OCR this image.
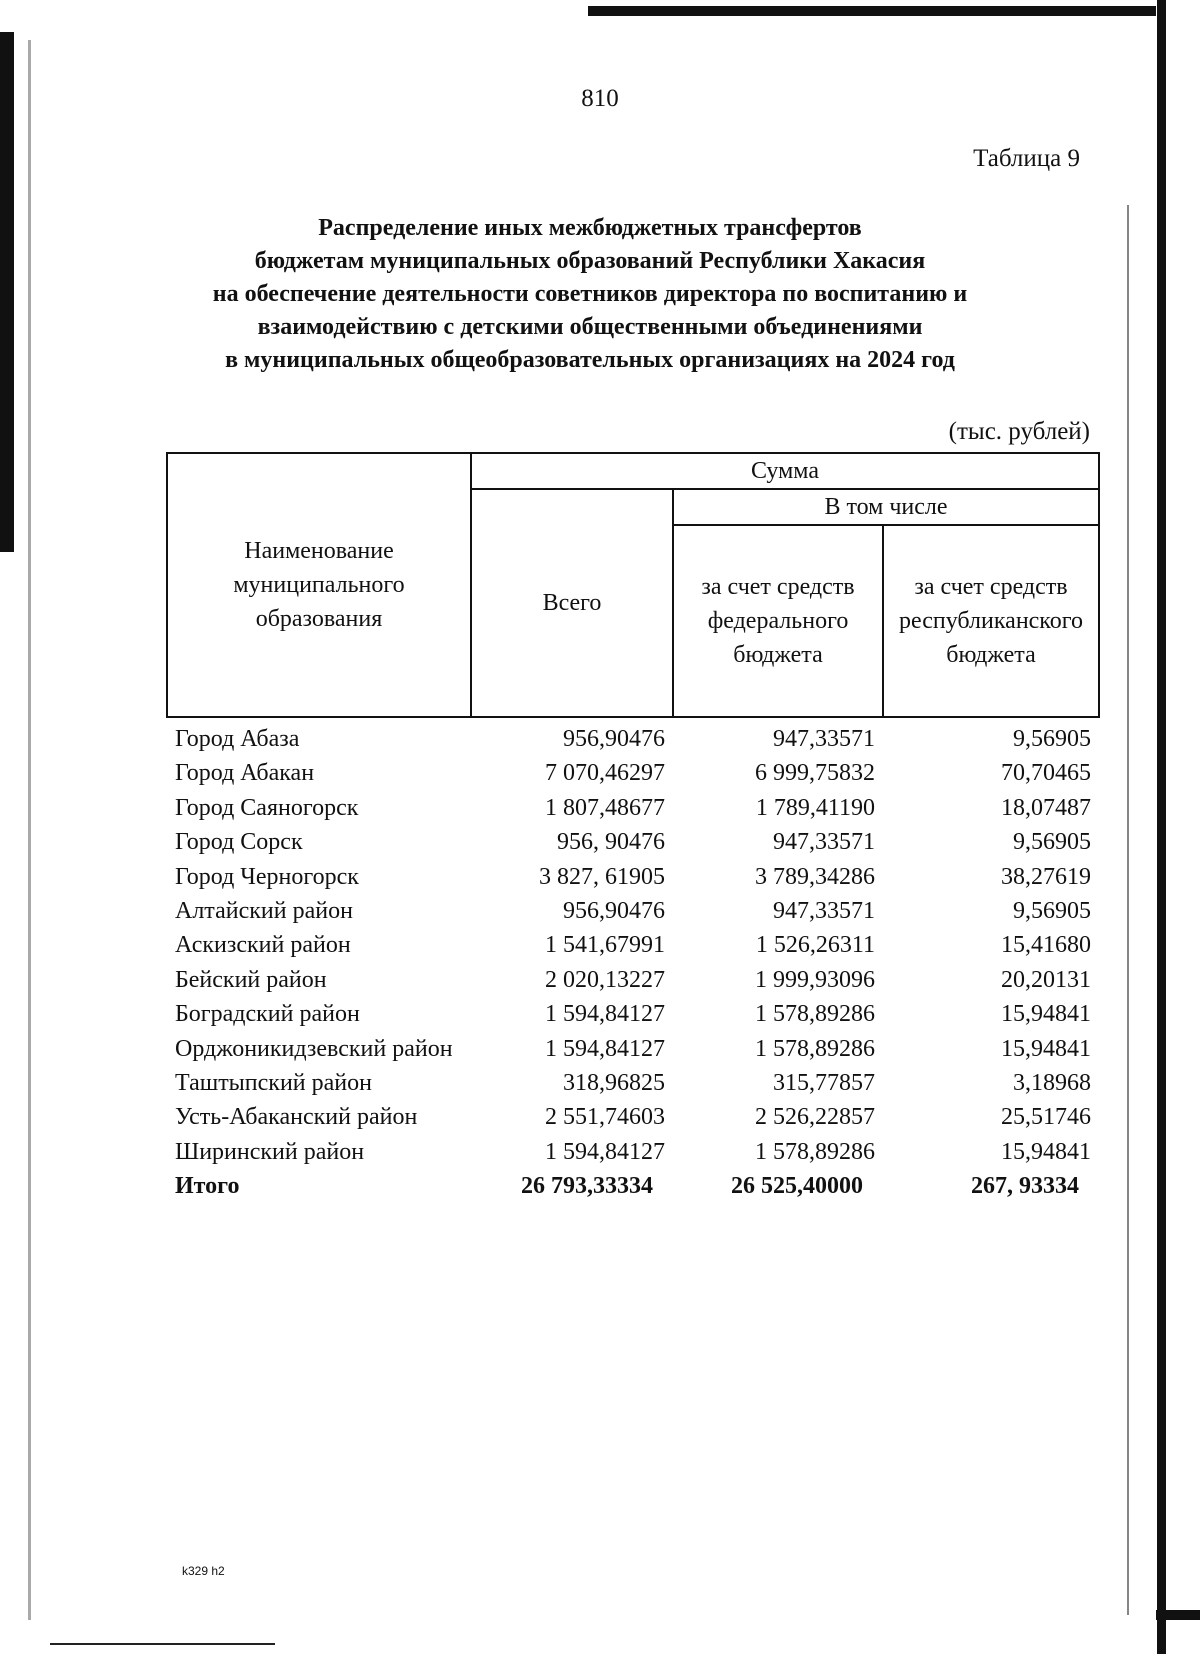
810
Таблица 9
Распределение иных межбюджетных трансфертов
бюджетам муниципальных образований Республики Хакасия
на обеспечение деятельности советников директора по воспитанию и
взаимодействию с детскими общественными объединениями
в муниципальных общеобразовательных организациях на 2024 год
(тыс. рублей)
Наименование муниципального образования	Сумма		
	Всего	В том числе	
		за счет средств федерального бюджета	за счет средств республиканского бюджета
Город Абаза	956,90476	947,33571	9,56905
Город Абакан	7 070,46297	6 999,75832	70,70465
Город Саяногорск	1 807,48677	1 789,41190	18,07487
Город Сорск	956, 90476	947,33571	9,56905
Город Черногорск	3 827, 61905	3 789,34286	38,27619
Алтайский район	956,90476	947,33571	9,56905
Аскизский район	1 541,67991	1 526,26311	15,41680
Бейский район	2 020,13227	1 999,93096	20,20131
Боградский район	1 594,84127	1 578,89286	15,94841
Орджоникидзевский район	1 594,84127	1 578,89286	15,94841
Таштыпский район	318,96825	315,77857	3,18968
Усть-Абаканский район	2 551,74603	2 526,22857	25,51746
Ширинский район	1 594,84127	1 578,89286	15,94841
Итого	26 793,33334	26 525,40000	267, 93334
k329 h2
